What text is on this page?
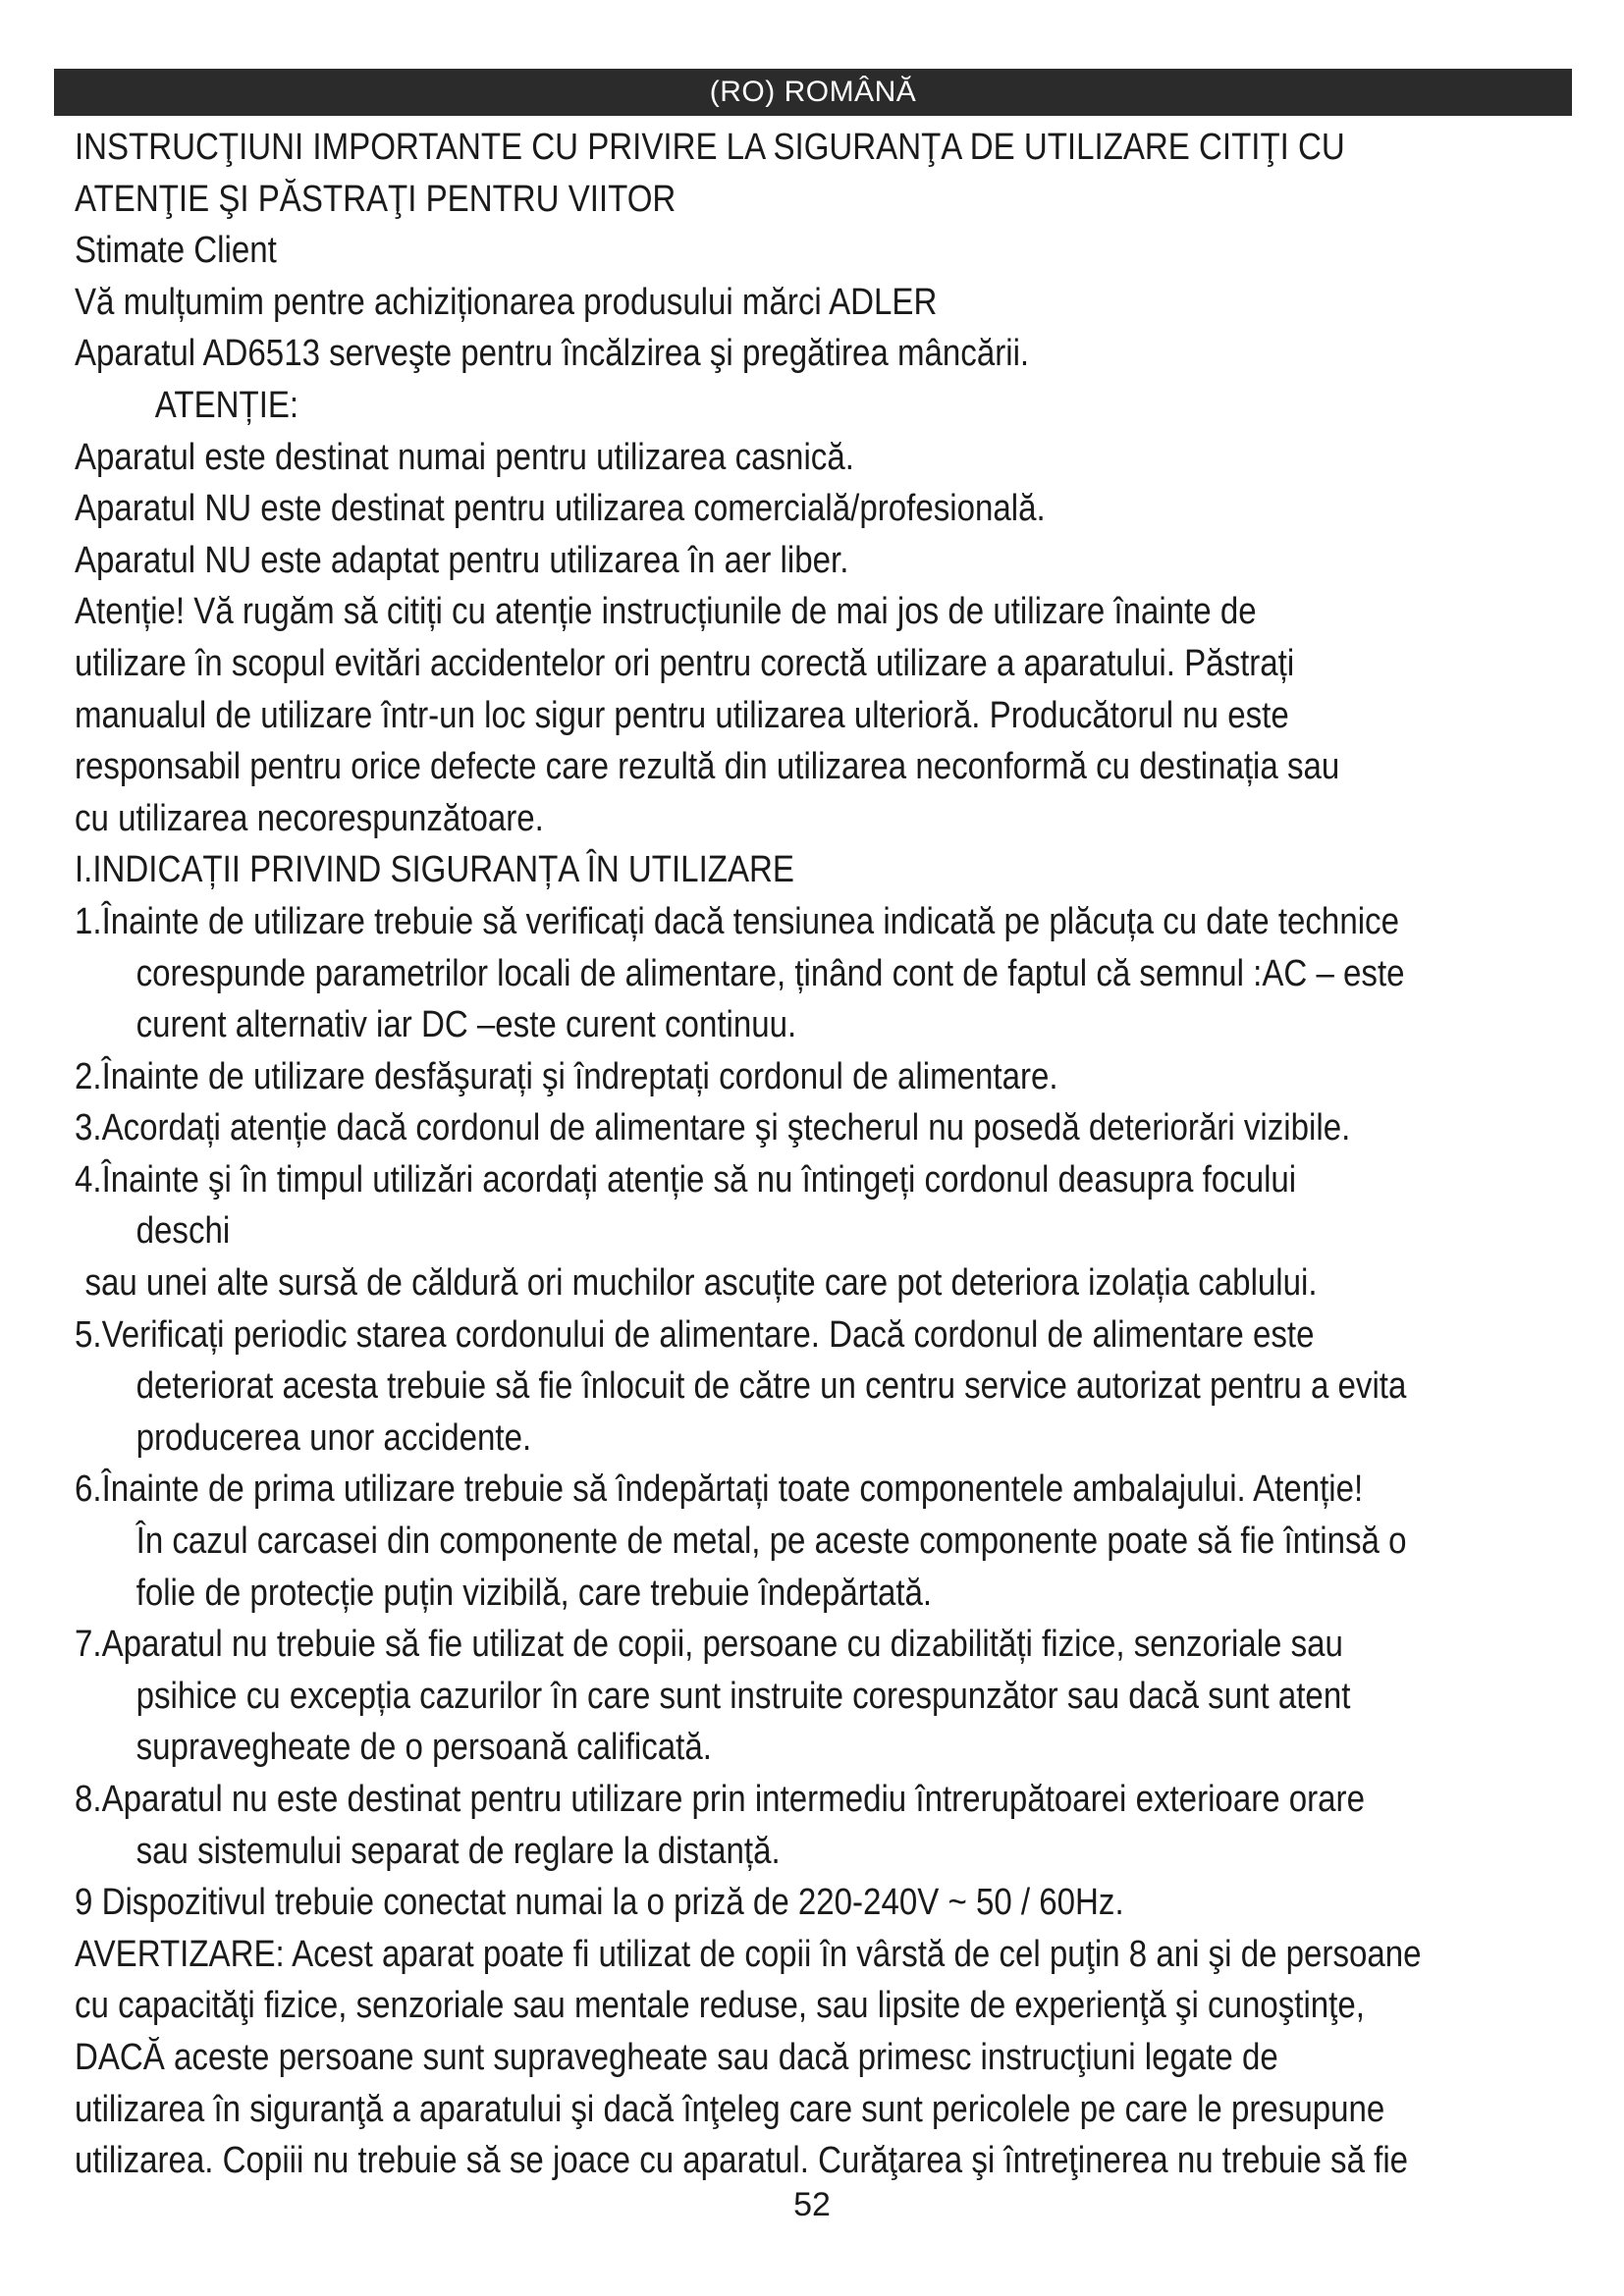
(RO) ROMÂNĂ
INSTRUCŢIUNI IMPORTANTE CU PRIVIRE LA SIGURANŢA DE UTILIZARE CITIŢI CU
ATENŢIE ŞI PĂSTRAŢI PENTRU VIITOR
Stimate Client
Vă mulțumim pentre achiziționarea produsului mărci ADLER
Aparatul AD6513 serveşte pentru încălzirea şi pregătirea mâncării.
ATENȚIE:
Aparatul este destinat numai pentru utilizarea casnică.
Aparatul NU este destinat pentru utilizarea comercială/profesională.
Aparatul NU este adaptat pentru utilizarea în aer liber.
Atenție! Vă rugăm să citiți cu atenție instrucțiunile de mai jos de utilizare înainte de
utilizare în scopul evitări accidentelor ori pentru corectă utilizare a aparatului. Păstrați
manualul de utilizare într-un loc sigur pentru utilizarea ulterioră. Producătorul nu este
responsabil pentru orice defecte care rezultă din utilizarea neconformă cu destinația sau
cu utilizarea necorespunzătoare.
I.INDICAȚII PRIVIND SIGURANȚA ÎN UTILIZARE
1.Înainte de utilizare trebuie să verificați dacă tensiunea indicată pe plăcuța cu date technice
corespunde parametrilor locali de alimentare, ținând cont de faptul că semnul :AC – este
curent alternativ iar DC –este curent continuu.
2.Înainte de utilizare desfăşurați şi îndreptați cordonul de alimentare.
3.Acordați atenție dacă cordonul de alimentare şi ştecherul nu posedă deteriorări vizibile.
4.Înainte şi în timpul utilizări acordați atenție să nu întingeți cordonul deasupra focului
deschi
sau unei alte sursă de căldură ori muchilor ascuțite care pot deteriora izolația cablului.
5.Verificați periodic starea cordonului de alimentare. Dacă cordonul de alimentare este
deteriorat acesta trebuie să fie înlocuit de către un centru service autorizat pentru a evita
producerea unor accidente.
6.Înainte de prima utilizare trebuie să îndepărtați toate componentele ambalajului. Atenție!
În cazul carcasei din componente de metal, pe aceste componente poate să fie întinsă o
folie de protecție puțin vizibilă, care trebuie îndepărtată.
7.Aparatul nu trebuie să fie utilizat de copii, persoane cu dizabilități fizice, senzoriale sau
psihice cu excepția cazurilor în care sunt instruite corespunzător sau dacă sunt atent
supravegheate de o persoană calificată.
8.Aparatul nu este destinat pentru utilizare prin intermediu întrerupătoarei exterioare orare
sau sistemului separat de reglare la distanță.
9 Dispozitivul trebuie conectat numai la o priză de 220-240V ~ 50 / 60Hz.
AVERTIZARE: Acest aparat poate fi utilizat de copii în vârstă de cel puţin 8 ani şi de persoane
cu capacităţi fizice, senzoriale sau mentale reduse, sau lipsite de experienţă şi cunoştinţe,
DACĂ aceste persoane sunt supravegheate sau dacă primesc instrucţiuni legate de
utilizarea în siguranţă a aparatului şi dacă înţeleg care sunt pericolele pe care le presupune
utilizarea. Copiii nu trebuie să se joace cu aparatul. Curăţarea şi întreţinerea nu trebuie să fie
52
